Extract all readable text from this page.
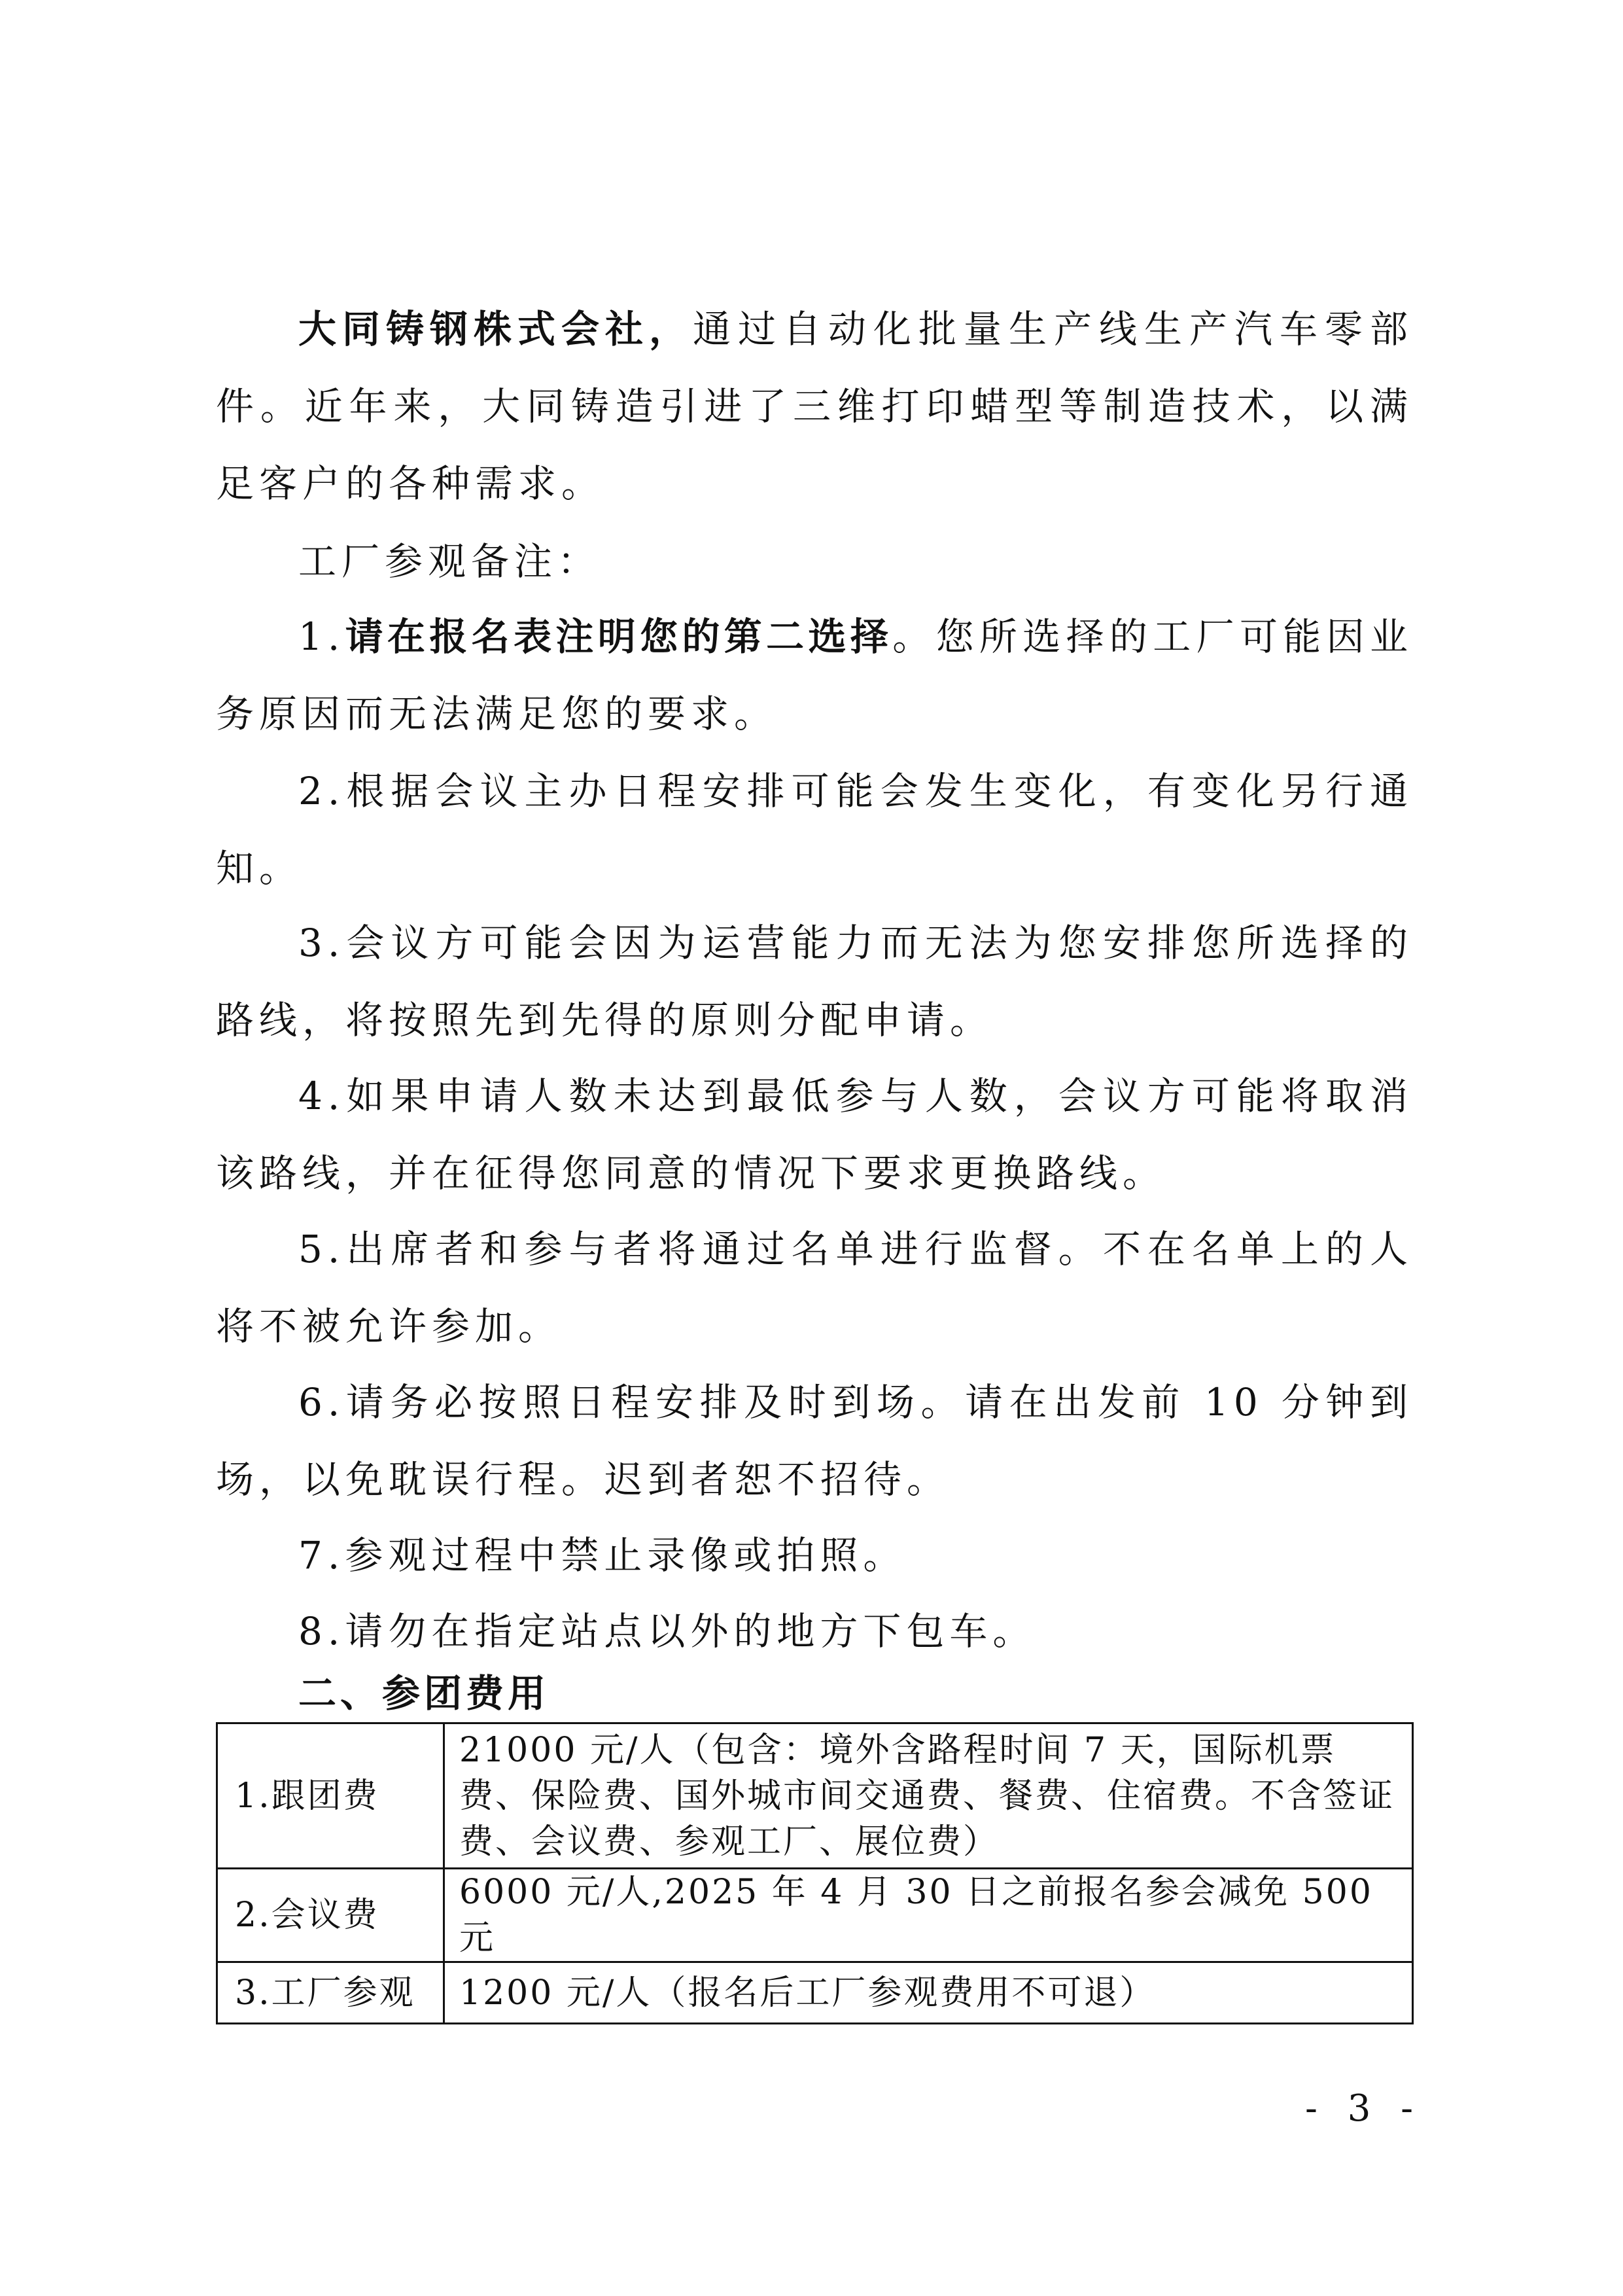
大同铸钢株式会社，通过自动化批量生产线生产汽车零部件。近年来，大同铸造引进了三维打印蜡型等制造技术，以满足客户的各种需求。

工厂参观备注：

1.请在报名表注明您的第二选择。您所选择的工厂可能因业务原因而无法满足您的要求。

2.根据会议主办日程安排可能会发生变化，有变化另行通知。

3.会议方可能会因为运营能力而无法为您安排您所选择的路线，将按照先到先得的原则分配申请。

4.如果申请人数未达到最低参与人数，会议方可能将取消该路线，并在征得您同意的情况下要求更换路线。

5.出席者和参与者将通过名单进行监督。不在名单上的人将不被允许参加。

6.请务必按照日程安排及时到场。请在出发前 10 分钟到场，以免耽误行程。迟到者恕不招待。

7.参观过程中禁止录像或拍照。

8.请勿在指定站点以外的地方下包车。

二、参团费用

1.跟团费	21000 元/人（包含：境外含路程时间 7 天，国际机票费、保险费、国外城市间交通费、餐费、住宿费。不含签证费、会议费、参观工厂、展位费）
2.会议费	6000 元/人,2025 年 4 月 30 日之前报名参会减免 500 元
3.工厂参观	1200 元/人（报名后工厂参观费用不可退）
- 3 -
